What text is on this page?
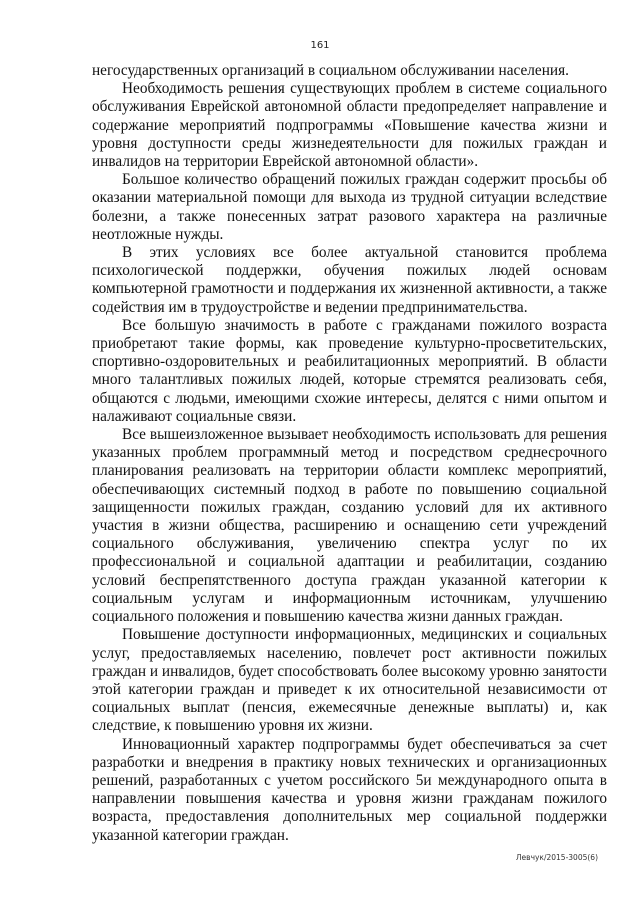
161

негосударственных организаций в социальном обслуживании населения.

Необходимость решения существующих проблем в системе социального обслуживания Еврейской автономной области предопределяет направление и содержание мероприятий подпрограммы «Повышение качества жизни и уровня доступности среды жизнедеятельности для пожилых граждан и инвалидов на территории Еврейской автономной области».

Большое количество обращений пожилых граждан содержит просьбы об оказании материальной помощи для выхода из трудной ситуации вследствие болезни, а также понесенных затрат разового характера на различные неотложные нужды.

В этих условиях все более актуальной становится проблема психологической поддержки, обучения пожилых людей основам компьютерной грамотности и поддержания их жизненной активности, а также содействия им в трудоустройстве и ведении предпринимательства.

Все большую значимость в работе с гражданами пожилого возраста приобретают такие формы, как проведение культурно-просветительских, спортивно-оздоровительных и реабилитационных мероприятий. В области много талантливых пожилых людей, которые стремятся реализовать себя, общаются с людьми, имеющими схожие интересы, делятся с ними опытом и налаживают социальные связи.

Все вышеизложенное вызывает необходимость использовать для решения указанных проблем программный метод и посредством среднесрочного планирования реализовать на территории области комплекс мероприятий, обеспечивающих системный подход в работе по повышению социальной защищенности пожилых граждан, созданию условий для их активного участия в жизни общества, расширению и оснащению сети учреждений социального обслуживания, увеличению спектра услуг по их профессиональной и социальной адаптации и реабилитации, созданию условий беспрепятственного доступа граждан указанной категории к социальным услугам и информационным источникам, улучшению социального положения и повышению качества жизни данных граждан.

Повышение доступности информационных, медицинских и социальных услуг, предоставляемых населению, повлечет рост активности пожилых граждан и инвалидов, будет способствовать более высокому уровню занятости этой категории граждан и приведет к их относительной независимости от социальных выплат (пенсия, ежемесячные денежные выплаты) и, как следствие, к повышению уровня их жизни.

Инновационный характер подпрограммы будет обеспечиваться за счет разработки и внедрения в практику новых технических и организационных решений, разработанных с учетом российского 5и международного опыта в направлении повышения качества и уровня жизни гражданам пожилого возраста, предоставления дополнительных мер социальной поддержки указанной категории граждан.

Левчук/2015-3005(6)
